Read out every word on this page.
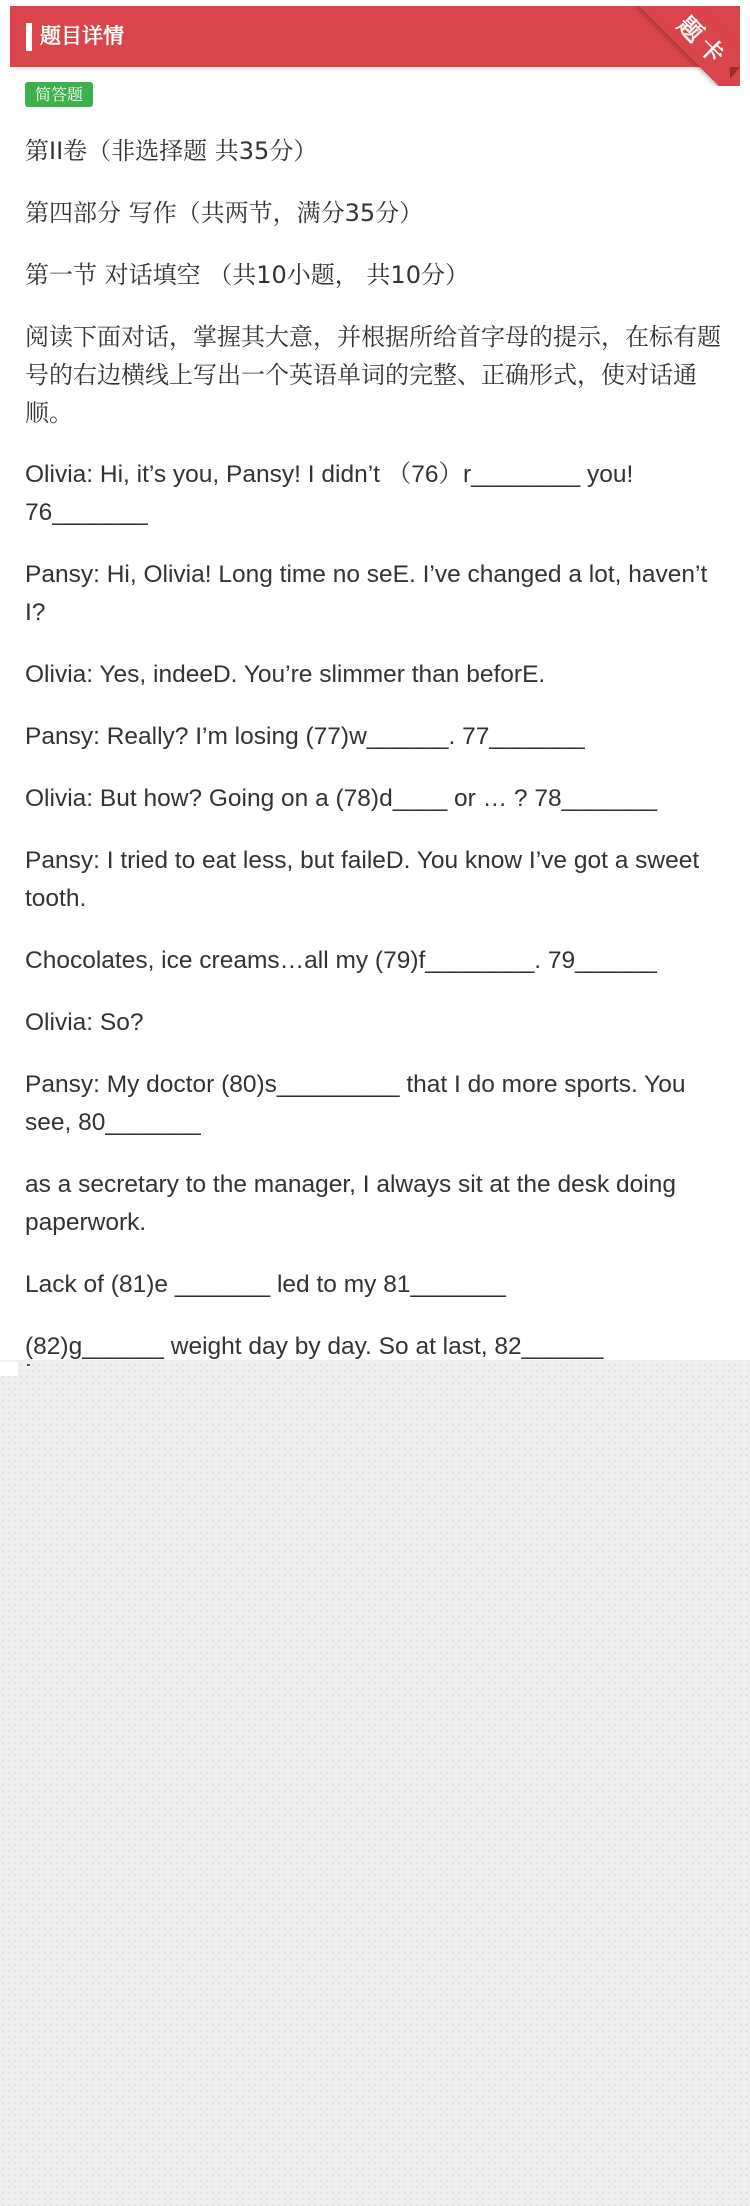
题目详情	题卡
简答题

第II卷（非选择题 共35分）

第四部分 写作（共两节，满分35分）

第一节 对话填空 （共10小题， 共10分）

阅读下面对话，掌握其大意，并根据所给首字母的提示，在标有题号的右边横线上写出一个英语单词的完整、正确形式，使对话通顺。

Olivia: Hi, it’s you, Pansy! I didn’t （76）r________ you! 76_______

Pansy: Hi, Olivia! Long time no seE. I’ve changed a lot, haven’t I?

Olivia: Yes, indeeD. You’re slimmer than beforE.

Pansy: Really? I’m losing (77)w______. 77_______

Olivia: But how? Going on a (78)d____ or … ? 78_______

Pansy: I tried to eat less, but faileD. You know I’ve got a sweet tooth.

Chocolates, ice creams…all my (79)f________. 79______

Olivia: So?

Pansy: My doctor (80)s_________ that I do more sports. You see, 80_______

as a secretary to the manager, I always sit at the desk doing paperwork.

Lack of (81)e _______ led to my 81_______

(82)g______ weight day by day. So at last, 82______
